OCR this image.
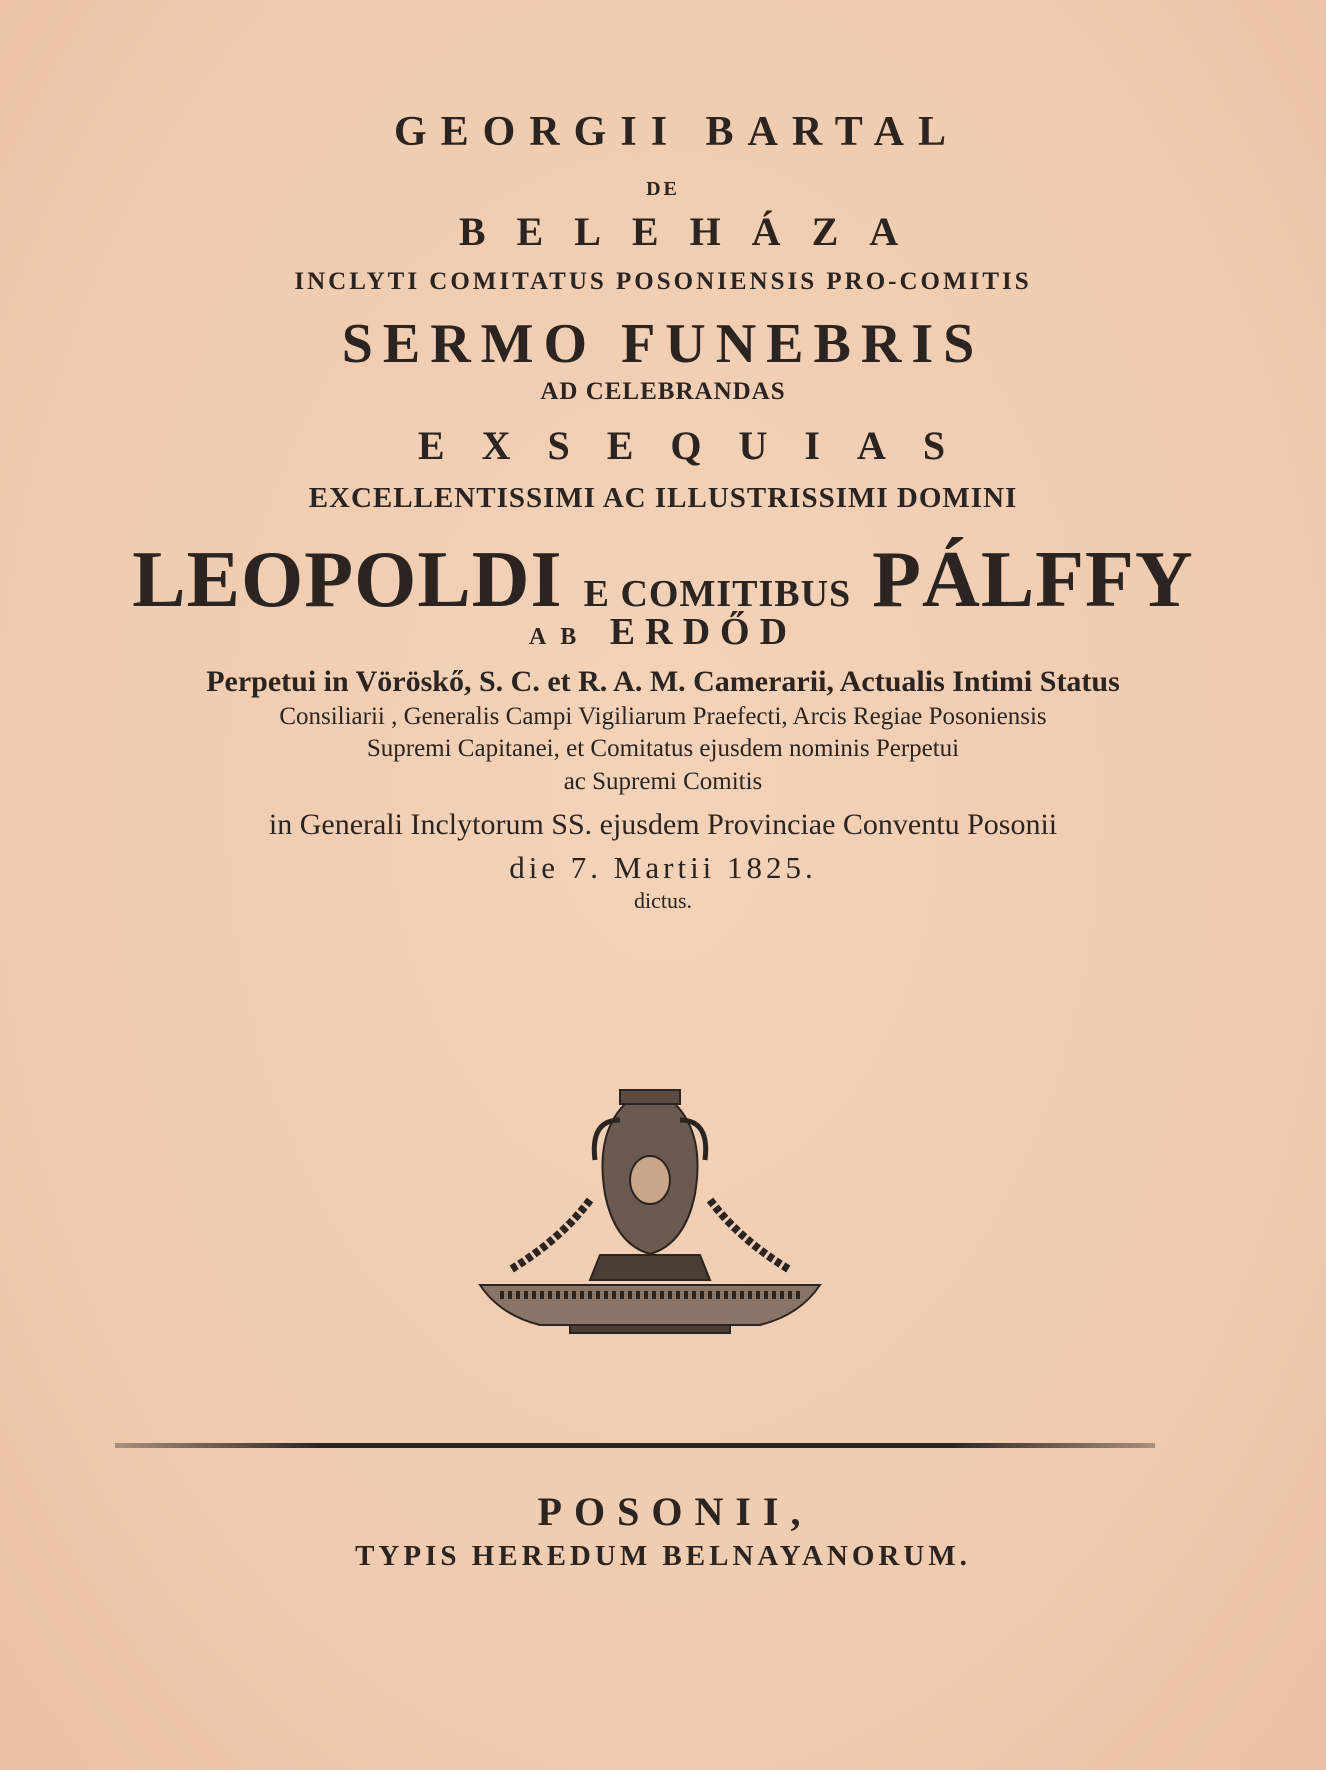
GEORGII BARTAL
DE
BELEHÁZA
INCLYTI COMITATUS POSONIENSIS PRO-COMITIS
SERMO FUNEBRIS
AD CELEBRANDAS
EXSEQUIAS
EXCELLENTISSIMI AC ILLUSTRISSIMI DOMINI
LEOPOLDI E COMITIBUS PÁLFFY
AB ERDŐD
Perpetui in Vöröskő, S. C. et R. A. M. Camerarii, Actualis Intimi Status
Consiliarii , Generalis Campi Vigiliarum Praefecti, Arcis Regiae Posoniensis
Supremi Capitanei, et Comitatus ejusdem nominis Perpetui
ac Supremi Comitis
in Generali Inclytorum SS. ejusdem Provinciae Conventu Posonii
die 7. Martii 1825.
dictus.
POSONII,
TYPIS HEREDUM BELNAYANORUM.
